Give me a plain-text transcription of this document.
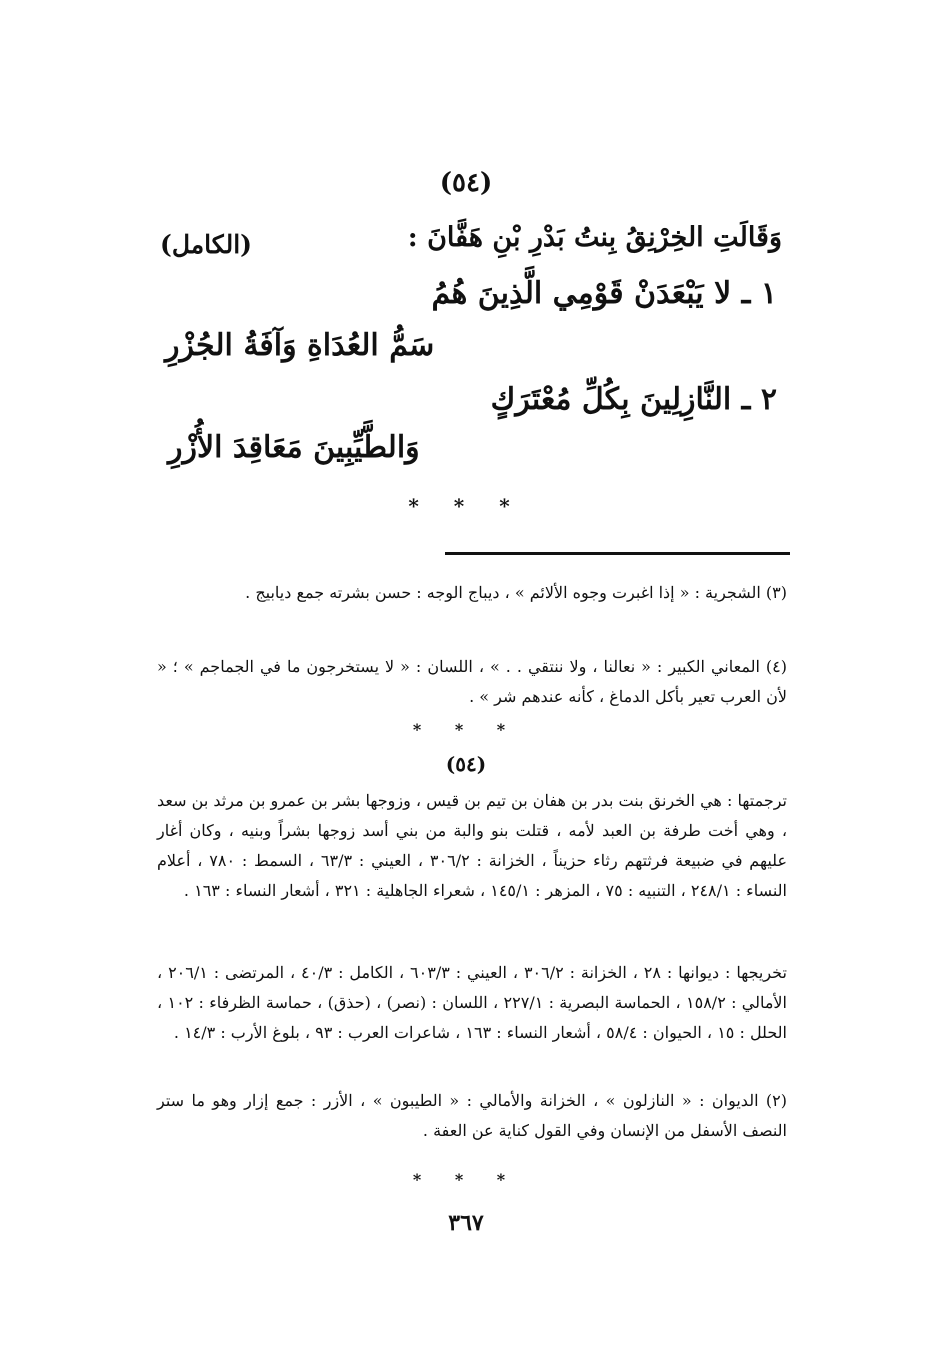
(٥٤)
وَقَالَتِ الخِرْنِقُ بِنتُ بَدْرِ بْنِ هَفَّانَ :
(الكامل)
١ ـ لا يَبْعَدَنْ قَوْمِي الَّذِينَ هُمُ
سَمُّ العُدَاةِ وَآفَةُ الجُزْرِ
٢ ـ النَّازِلِينَ بِكُلِّ مُعْتَرَكٍ
وَالطَّيِّبِينَ مَعَاقِدَ الأُزْرِ
* * *
(٣) الشجرية : « إذا اغبرت وجوه الألائم » ، ديباج الوجه : حسن بشرته جمع ديابيج .
(٤) المعاني الكبير : « نعالنا ، ولا ننتقي . . » ، اللسان : « لا يستخرجون ما في الجماجم » ؛ « لأن العرب تعير بأكل الدماغ ، كأنه عندهم شر » .
* * *
(٥٤)
ترجمتها : هي الخرنق بنت بدر بن هفان بن تيم بن قيس ، وزوجها بشر بن عمرو بن مرثد بن سعد ، وهي أخت طرفة بن العبد لأمه ، قتلت بنو والبة من بني أسد زوجها بشراً وبنيه ، وكان أغار عليهم في ضبيعة فرثتهم رثاء حزيناً ، الخزانة : ٣٠٦/٢ ، العيني : ٦٣/٣ ، السمط : ٧٨٠ ، أعلام النساء : ٢٤٨/١ ، التنبيه : ٧٥ ، المزهر : ١٤٥/١ ، شعراء الجاهلية : ٣٢١ ، أشعار النساء : ١٦٣ .
تخريجها : ديوانها : ٢٨ ، الخزانة : ٣٠٦/٢ ، العيني : ٦٠٣/٣ ، الكامل : ٤٠/٣ ، المرتضى : ٢٠٦/١ ، الأمالي : ١٥٨/٢ ، الحماسة البصرية : ٢٢٧/١ ، اللسان : (نصر) ، (حذق) ، حماسة الظرفاء : ١٠٢ ، الحلل : ١٥ ، الحيوان : ٥٨/٤ ، أشعار النساء : ١٦٣ ، شاعرات العرب : ٩٣ ، بلوغ الأرب : ١٤/٣ .
(٢) الديوان : « النازلون » ، الخزانة والأمالي : « الطيبون » ، الأزر : جمع إزار وهو ما ستر النصف الأسفل من الإنسان وفي القول كناية عن العفة .
* * *
٣٦٧
